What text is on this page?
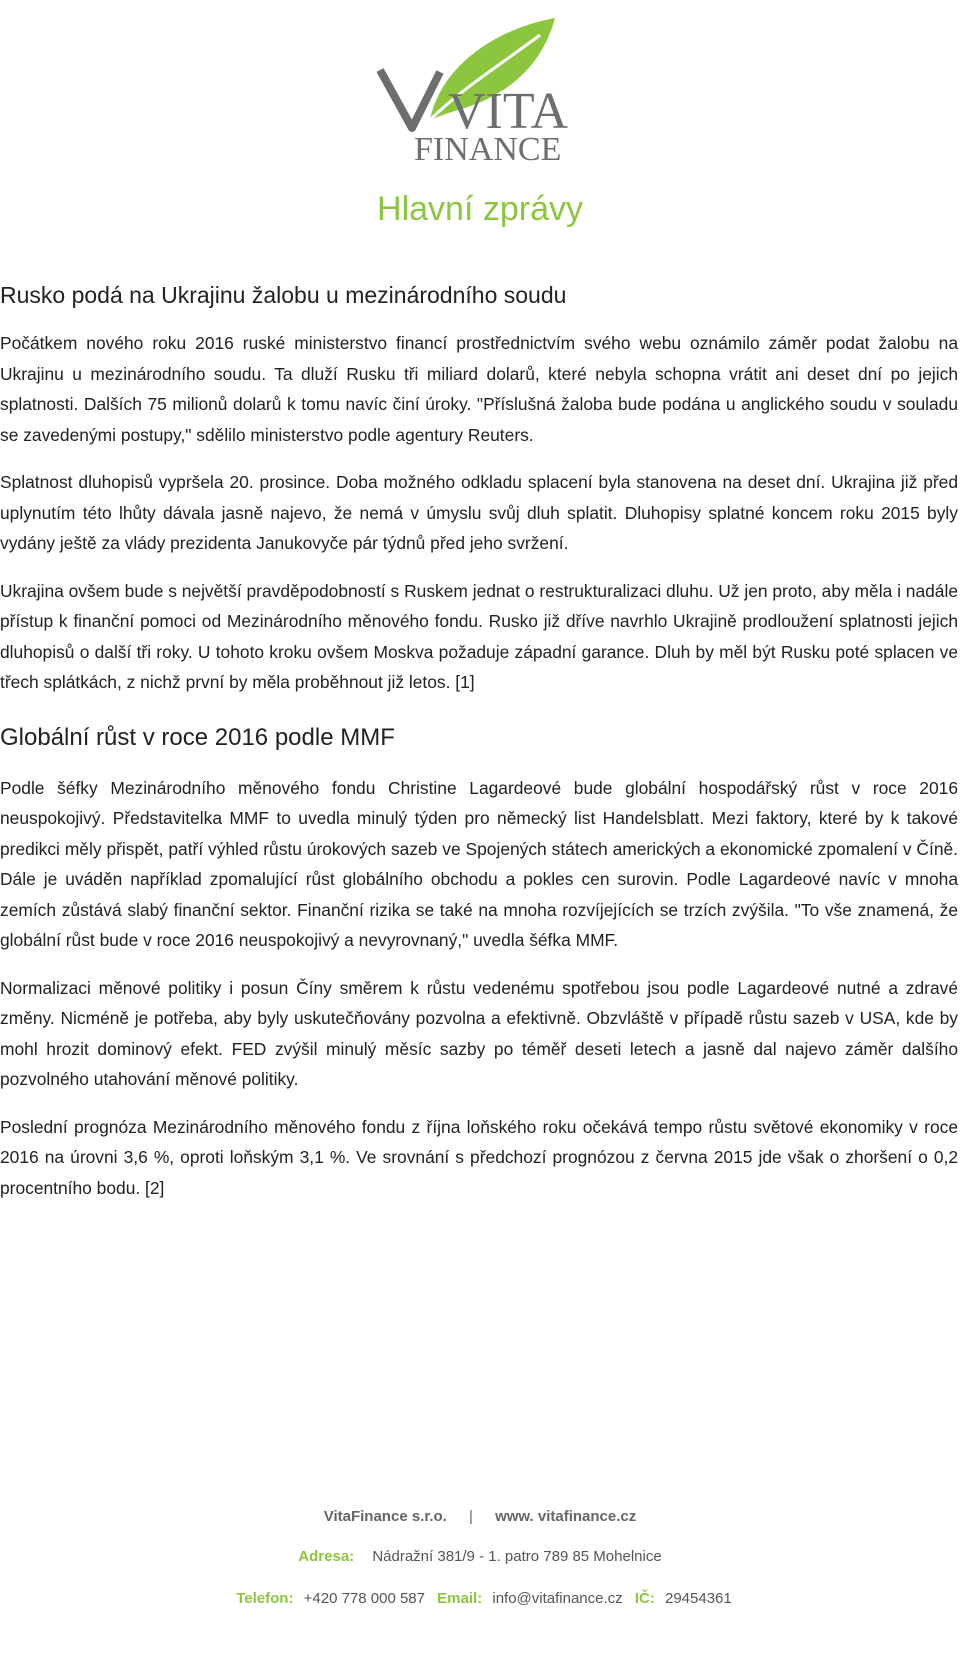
VITA
FINANCE
Hlavní zprávy
Rusko podá na Ukrajinu žalobu u mezinárodního soudu

Počátkem nového roku 2016 ruské ministerstvo financí prostřednictvím svého webu oznámilo záměr podat žalobu na Ukrajinu u mezinárodního soudu. Ta dluží Rusku tři miliard dolarů, které nebyla schopna vrátit ani deset dní po jejich splatnosti. Dalších 75 milionů dolarů k tomu navíc činí úroky. "Příslušná žaloba bude podána u anglického soudu v souladu se zavedenými postupy," sdělilo ministerstvo podle agentury Reuters.

Splatnost dluhopisů vypršela 20. prosince. Doba možného odkladu splacení byla stanovena na deset dní. Ukrajina již před uplynutím této lhůty dávala jasně najevo, že nemá v úmyslu svůj dluh splatit. Dluhopisy splatné koncem roku 2015 byly vydány ještě za vlády prezidenta Janukovyče pár týdnů před jeho svržení.

Ukrajina ovšem bude s největší pravděpodobností s Ruskem jednat o restrukturalizaci dluhu. Už jen proto, aby měla i nadále přístup k finanční pomoci od Mezinárodního měnového fondu. Rusko již dříve navrhlo Ukrajině prodloužení splatnosti jejich dluhopisů o další tři roky. U tohoto kroku ovšem Moskva požaduje západní garance. Dluh by měl být Rusku poté splacen ve třech splátkách, z nichž první by měla proběhnout již letos. [1]

Globální růst v roce 2016 podle MMF

Podle šéfky Mezinárodního měnového fondu Christine Lagardeové bude globální hospodářský růst v roce 2016 neuspokojivý. Představitelka MMF to uvedla minulý týden pro německý list Handelsblatt. Mezi faktory, které by k takové predikci měly přispět, patří výhled růstu úrokových sazeb ve Spojených státech amerických a ekonomické zpomalení v Číně. Dále je uváděn například zpomalující růst globálního obchodu a pokles cen surovin. Podle Lagardeové navíc v mnoha zemích zůstává slabý finanční sektor. Finanční rizika se také na mnoha rozvíjejících se trzích zvýšila. "To vše znamená, že globální růst bude v roce 2016 neuspokojivý a nevyrovnaný," uvedla šéfka MMF.

Normalizaci měnové politiky i posun Číny směrem k růstu vedenému spotřebou jsou podle Lagardeové nutné a zdravé změny. Nicméně je potřeba, aby byly uskutečňovány pozvolna a efektivně. Obzvláště v případě růstu sazeb v USA, kde by mohl hrozit dominový efekt. FED zvýšil minulý měsíc sazby po téměř deseti letech a jasně dal najevo záměr dalšího pozvolného utahování měnové politiky.

Poslední prognóza Mezinárodního měnového fondu z října loňského roku očekává tempo růstu světové ekonomiky v roce 2016 na úrovni 3,6 %, oproti loňským 3,1 %. Ve srovnání s předchozí prognózou z června 2015 jde však o zhoršení o 0,2 procentního bodu. [2]

VitaFinance s.r.o. | www. vitafinance.cz
Adresa: Nádražní 381/9 - 1. patro 789 85 Mohelnice
Telefon: +420 778 000 587 Email: info@vitafinance.cz IČ: 29454361
